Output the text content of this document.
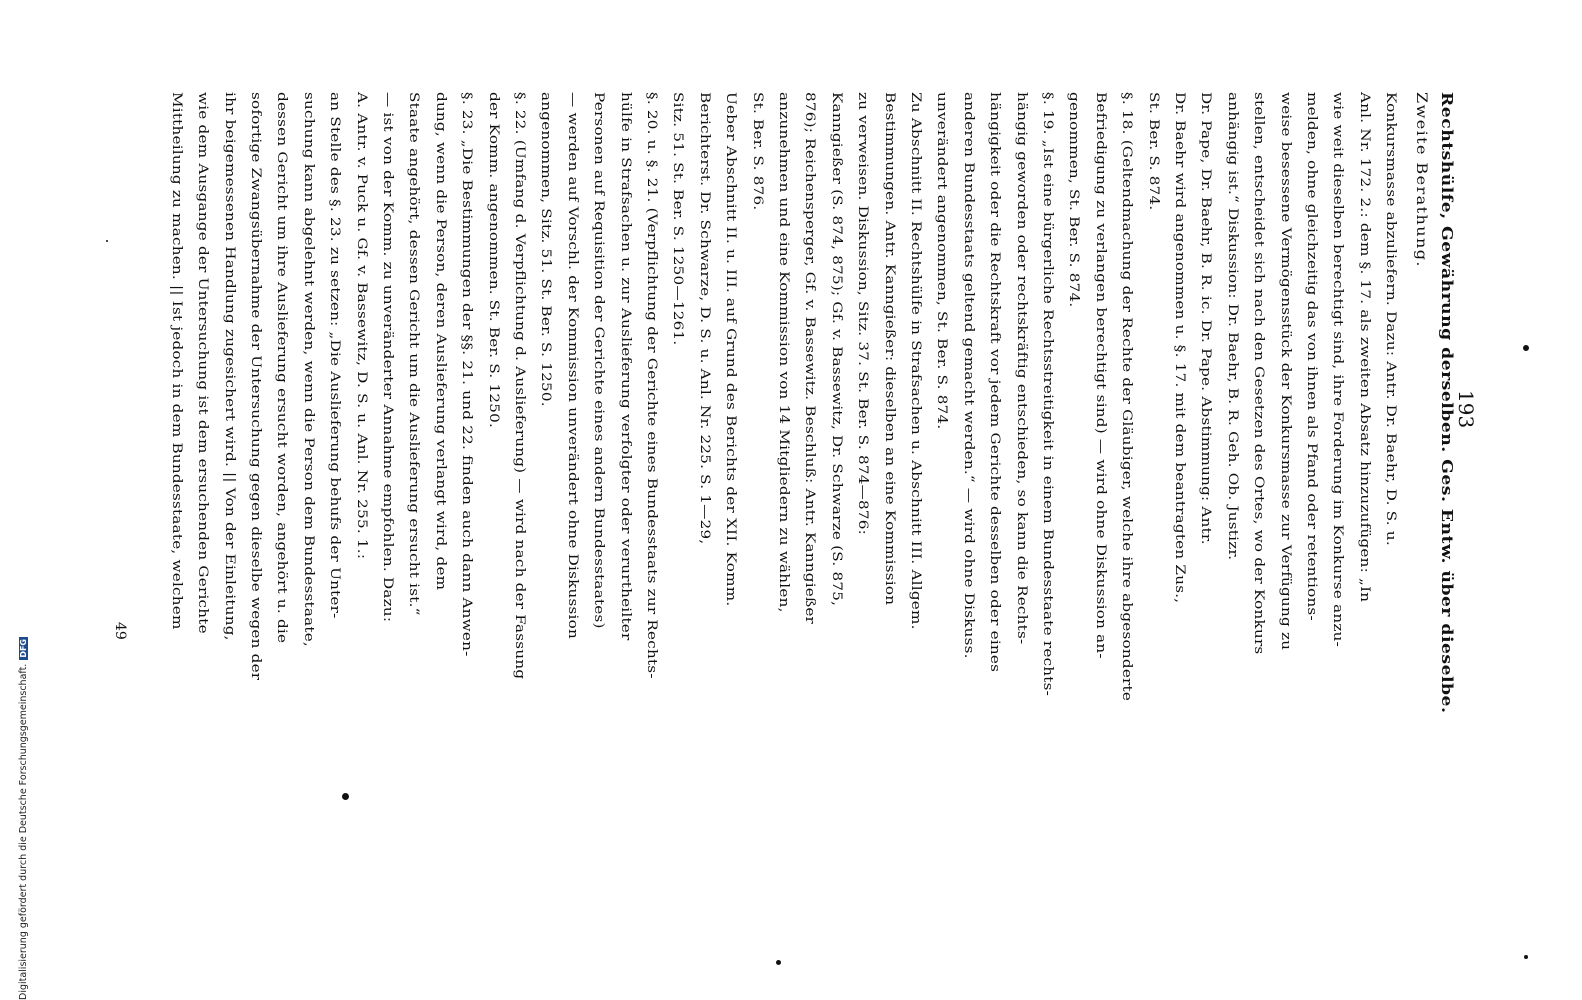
193
Rechtshülfe, Gewährung derselben. Ges. Entw. über dieselbe.
Zweite Berathung.
Konkursmasse abzuliefern. Dazu: Antr. Dr. Baehr, D. S. u.
Anl. Nr. 172. 2.: dem §. 17. als zweiten Absatz hinzuzufügen: „In
wie weit dieselben berechtigt sind, ihre Forderung im Konkurse anzu-
melden, ohne gleichzeitig das von ihnen als Pfand oder retentions-
weise besessene Vermögensstück der Konkursmasse zur Verfügung zu
stellen, entscheidet sich nach den Gesetzen des Ortes, wo der Konkurs
anhängig ist.“ Diskussion: Dr. Baehr, B. R. Geh. Ob. Justizr.
Dr. Pape, Dr. Baehr, B. R. ic. Dr. Pape. Abstimmung: Antr.
Dr. Baehr wird angenommen u. §. 17. mit dem beantragten Zus.,
St. Ber. S. 874.
§. 18. (Geltendmachung der Rechte der Gläubiger, welche ihre abgesonderte
Befriedigung zu verlangen berechtigt sind) — wird ohne Diskussion an-
genommen, St. Ber. S. 874.
§. 19. „Ist eine bürgerliche Rechtsstreitigkeit in einem Bundesstaate rechts-
hängig geworden oder rechtskräftig entschieden, so kann die Rechts-
hängigkeit oder die Rechtskraft vor jedem Gerichte desselben oder eines
anderen Bundesstaats geltend gemacht werden.“ — wird ohne Diskuss.
unverändert angenommen, St. Ber. S. 874.
Zu Abschnitt II. Rechtshülfe in Strafsachen u. Abschnitt III. Allgem.
Bestimmungen. Antr. Kanngießer: dieselben an eine Kommission
zu verweisen. Diskussion, Sitz. 37. St. Ber. S. 874—876:
Kanngießer (S. 874, 875); Gf. v. Bassewitz, Dr. Schwarze (S. 875,
876); Reichensperger, Gf. v. Bassewitz. Beschluß: Antr. Kanngießer
anzunehmen und eine Kommission von 14 Mitgliedern zu wählen,
St. Ber. S. 876.
Ueber Abschnitt II. u. III. auf Grund des Berichts der XII. Komm.
Berichterst. Dr. Schwarze, D. S. u. Anl. Nr. 225. S. 1—29,
Sitz. 51. St. Ber. S. 1250—1261.
§. 20. u. §. 21. (Verpflichtung der Gerichte eines Bundesstaats zur Rechts-
hülfe in Strafsachen u. zur Auslieferung verfolgter oder verurtheilter
Personen auf Requisition der Gerichte eines andern Bundesstaates)
— werden auf Vorschl. der Kommission unverändert ohne Diskussion
angenommen, Sitz. 51. St. Ber. S. 1250.
§. 22. (Umfang d. Verpflichtung d. Auslieferung) — wird nach der Fassung
der Komm. angenommen. St. Ber. S. 1250.
§. 23. „Die Bestimmungen der §§. 21. und 22. finden auch dann Anwen-
dung, wenn die Person, deren Auslieferung verlangt wird, dem
Staate angehört, dessen Gericht um die Auslieferung ersucht ist.“
— ist von der Komm. zu unveränderter Annahme empfohlen. Dazu:
A. Antr. v. Puck u. Gf. v. Bassewitz, D. S. u. Anl. Nr. 255. 1.:
an Stelle des §. 23. zu setzen: „Die Auslieferung behufs der Unter-
suchung kann abgelehnt werden, wenn die Person dem Bundesstaate,
dessen Gericht um ihre Auslieferung ersucht worden, angehört u. die
sofortige Zwangsübernahme der Untersuchung gegen dieselbe wegen der
ihr beigemessenen Handlung zugesichert wird. || Von der Einleitung,
wie dem Ausgange der Untersuchung ist dem ersuchenden Gerichte
Mittheilung zu machen. || Ist jedoch in dem Bundesstaate, welchem
49
Digitalisierung gefördert durch die Deutsche Forschungsgemeinschaft.DFG
